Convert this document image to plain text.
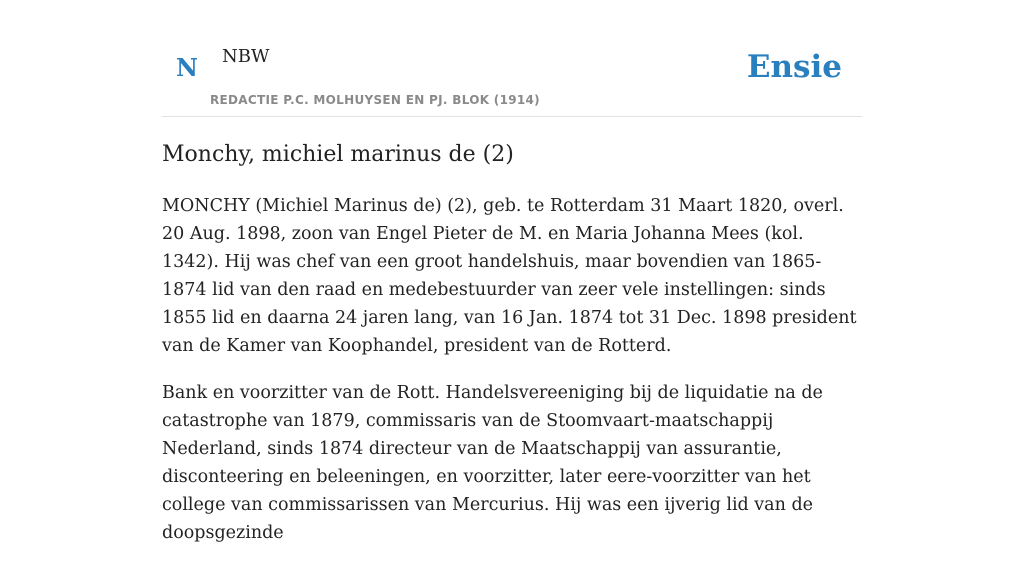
N NBW
REDACTIE P.C. MOLHUYSEN EN PJ. BLOK (1914)
Ensie
Monchy, michiel marinus de (2)

MONCHY (Michiel Marinus de) (2), geb. te Rotterdam 31 Maart 1820, overl. 20 Aug. 1898, zoon van Engel Pieter de M. en Maria Johanna Mees (kol. 1342). Hij was chef van een groot handelshuis, maar bovendien van 1865-1874 lid van den raad en medebestuurder van zeer vele instellingen: sinds 1855 lid en daarna 24 jaren lang, van 16 Jan. 1874 tot 31 Dec. 1898 president van de Kamer van Koophandel, president van de Rotterd.

Bank en voorzitter van de Rott. Handelsvereeniging bij de liquidatie na de catastrophe van 1879, commissaris van de Stoomvaart-maatschappij Nederland, sinds 1874 directeur van de Maatschappij van assurantie, disconteering en beleeningen, en voorzitter, later eere-voorzitter van het college van commissarissen van Mercurius. Hij was een ijverig lid van de doopsgezinde
